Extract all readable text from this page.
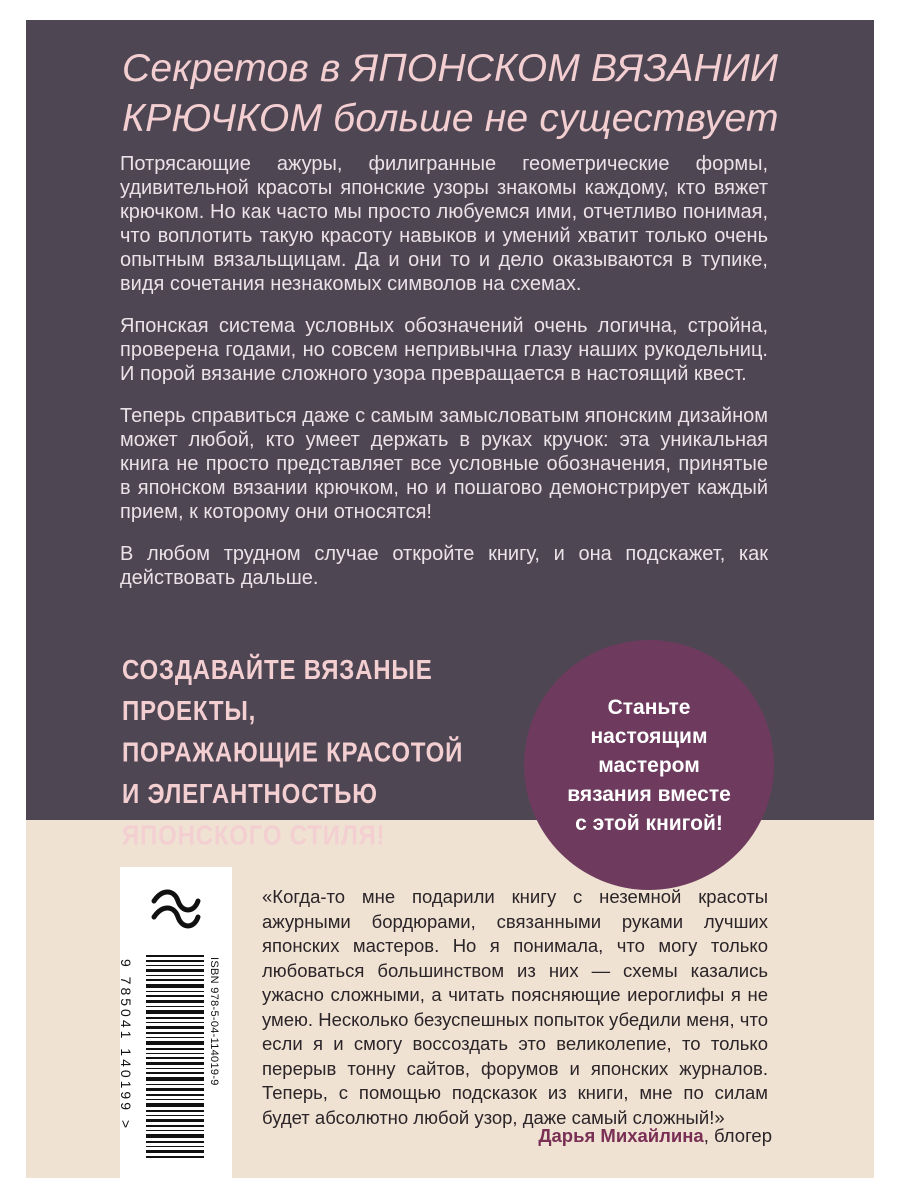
Секретов в ЯПОНСКОМ ВЯЗАНИИ
КРЮЧКОМ больше не существует

Потрясающие ажуры, филигранные геометрические формы, удивительной красоты японские узоры знакомы каждому, кто вяжет крючком. Но как часто мы просто любуемся ими, отчетливо понимая, что воплотить такую красоту навыков и умений хватит только очень опытным вязальщицам. Да и они то и дело оказываются в тупике, видя сочетания незнакомых символов на схемах.

Японская система условных обозначений очень логична, стройна, проверена годами, но совсем непривычна глазу наших рукодельниц. И порой вязание сложного узора превращается в настоящий квест.

Теперь справиться даже с самым замысловатым японским дизайном может любой, кто умеет держать в руках кручок: эта уникальная книга не просто представляет все условные обозначения, принятые в японском вязании крючком, но и пошагово демонстрирует каждый прием, к которому они относятся!

В любом трудном случае откройте книгу, и она подскажет, как действовать дальше.

СОЗДАВАЙТЕ ВЯЗАНЫЕ ПРОЕКТЫ,
ПОРАЖАЮЩИЕ КРАСОТОЙ
И ЭЛЕГАНТНОСТЬЮ
ЯПОНСКОГО СТИЛЯ!
Станьте
настоящим
мастером
вязания вместе
с этой книгой!
9 785041 140199 >	ISBN 978-5-04-114019-9

«Когда-то мне подарили книгу с неземной красоты ажурными бордюрами, связанными руками лучших японских мастеров. Но я понимала, что могу только любоваться большинством из них — схемы казались ужасно сложными, а читать поясняющие иероглифы я не умею. Несколько безуспешных попыток убедили меня, что если я и смогу воссоздать это великолепие, то только перерыв тонну сайтов, форумов и японских журналов. Теперь, с помощью подсказок из книги, мне по силам будет абсолютно любой узор, даже самый сложный!»

Дарья Михайлина, блогер
